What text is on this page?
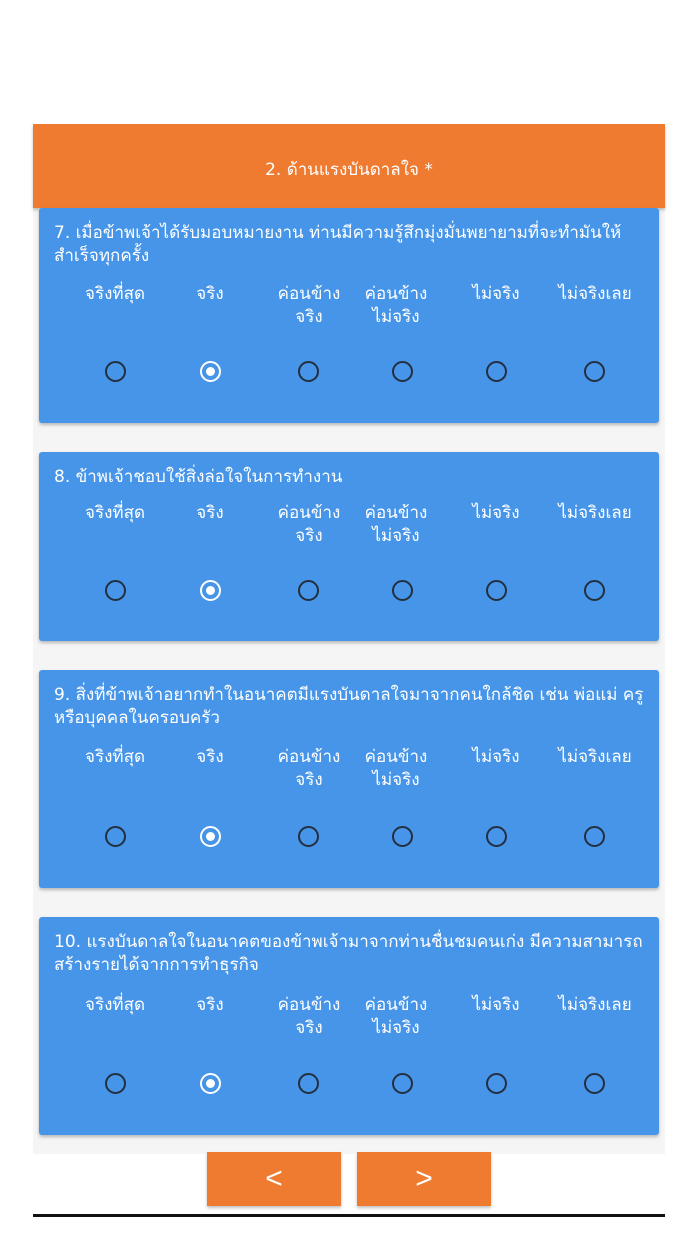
2. ด้านแรงบันดาลใจ *

7. เมื่อข้าพเจ้าได้รับมอบหมายงาน ท่านมีความรู้สึกมุ่งมั่นพยายามที่จะทำมันให้สำเร็จทุกครั้ง

จริงที่สุด	จริง	ค่อนข้าง
จริง
ค่อนข้าง
ไม่จริง
ไม่จริง	ไม่จริงเลย

8. ข้าพเจ้าชอบใช้สิ่งล่อใจในการทำงาน

จริงที่สุด	จริง	ค่อนข้าง
จริง
ค่อนข้าง
ไม่จริง
ไม่จริง	ไม่จริงเลย

9. สิ่งที่ข้าพเจ้าอยากทำในอนาคตมีแรงบันดาลใจมาจากคนใกล้ชิด เช่น พ่อแม่ ครู หรือบุคคลในครอบครัว

จริงที่สุด	จริง	ค่อนข้าง
จริง
ค่อนข้าง
ไม่จริง
ไม่จริง	ไม่จริงเลย

10. แรงบันดาลใจในอนาคตของข้าพเจ้ามาจากท่านชื่นชมคนเก่ง มีความสามารถ สร้างรายได้จากการทำธุรกิจ

จริงที่สุด	จริง	ค่อนข้าง
จริง
ค่อนข้าง
ไม่จริง
ไม่จริง	ไม่จริงเลย
<	>
